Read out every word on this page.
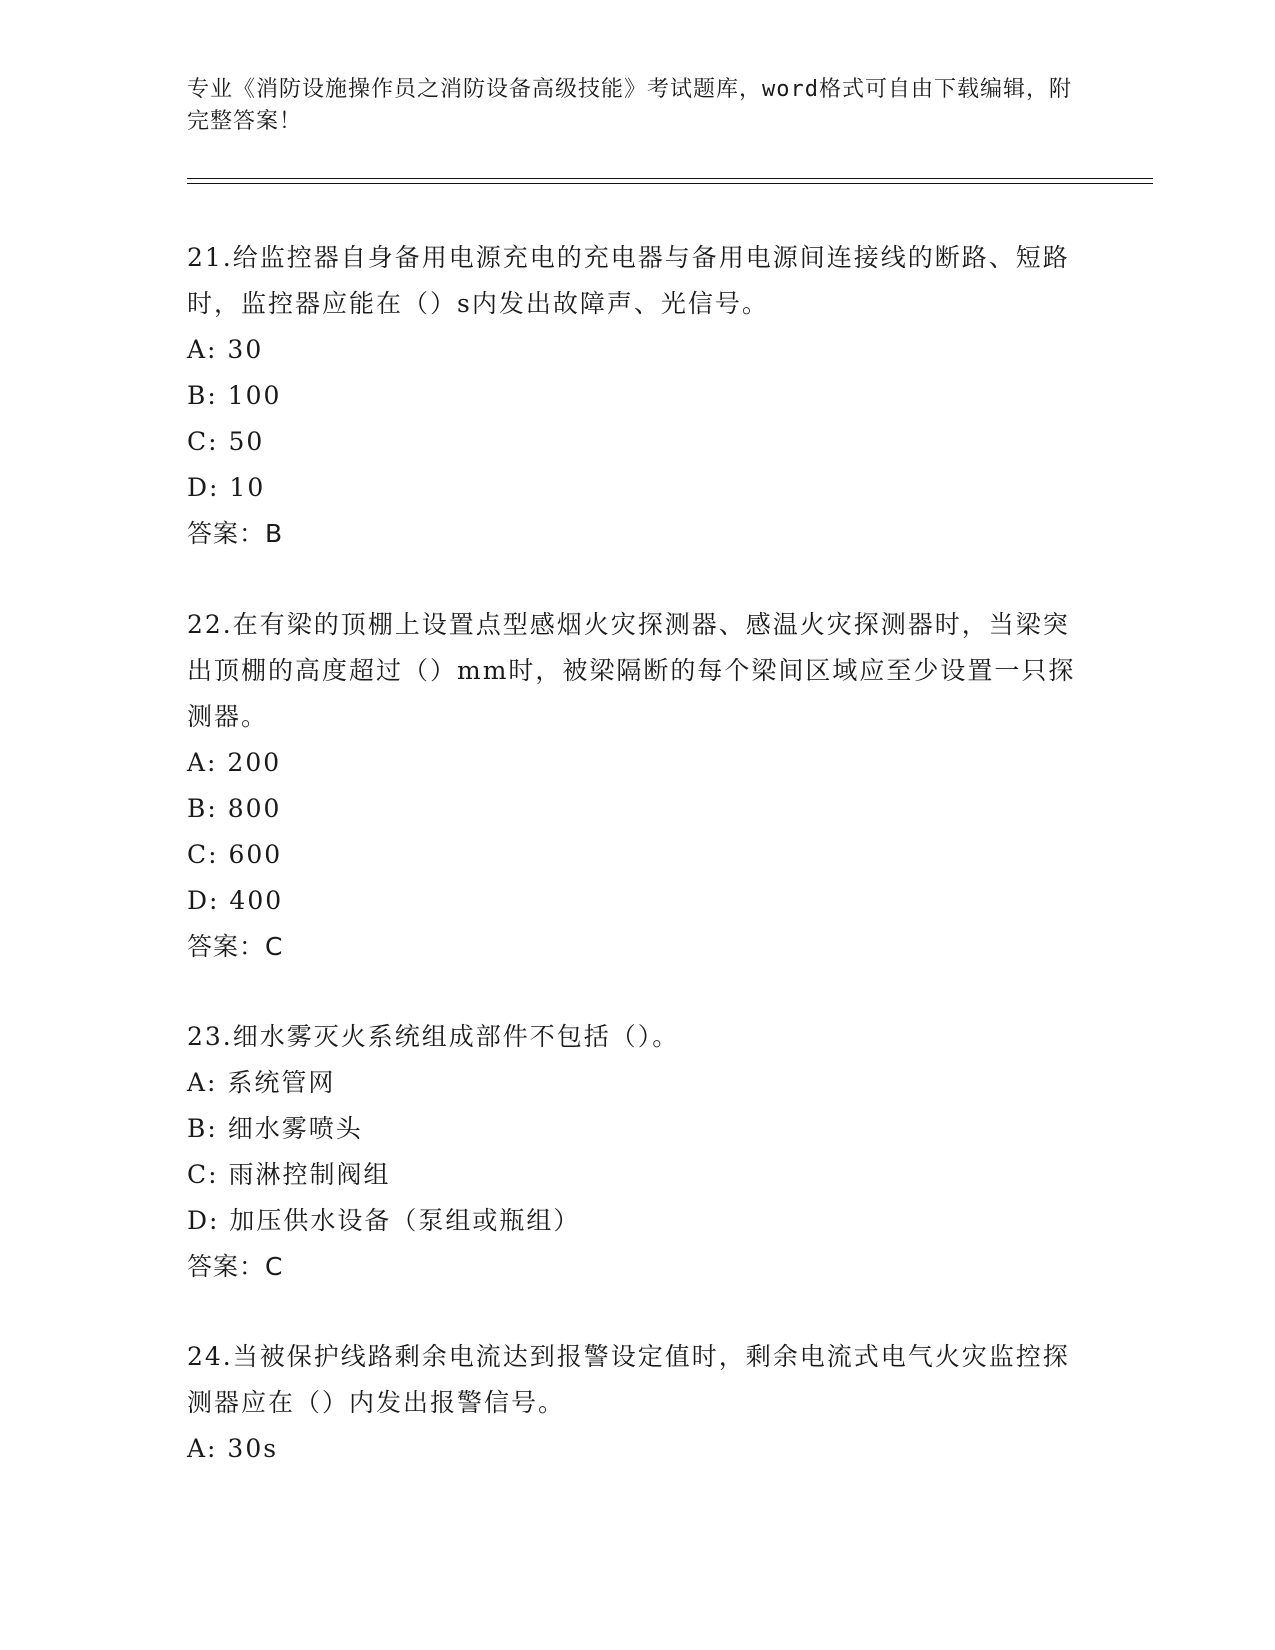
专业《消防设施操作员之消防设备高级技能》考试题库，word格式可自由下载编辑，附完整答案！

21.给监控器自身备用电源充电的充电器与备用电源间连接线的断路、短路时，监控器应能在（）s内发出故障声、光信号。

A: 30

B: 100

C: 50

D: 10

答案：B

22.在有梁的顶棚上设置点型感烟火灾探测器、感温火灾探测器时，当梁突出顶棚的高度超过（）mm时，被梁隔断的每个梁间区域应至少设置一只探测器。

A: 200

B: 800

C: 600

D: 400

答案：C

23.细水雾灭火系统组成部件不包括（）。

A: 系统管网

B: 细水雾喷头

C: 雨淋控制阀组

D: 加压供水设备（泵组或瓶组）

答案：C

24.当被保护线路剩余电流达到报警设定值时，剩余电流式电气火灾监控探测器应在（）内发出报警信号。

A: 30s
